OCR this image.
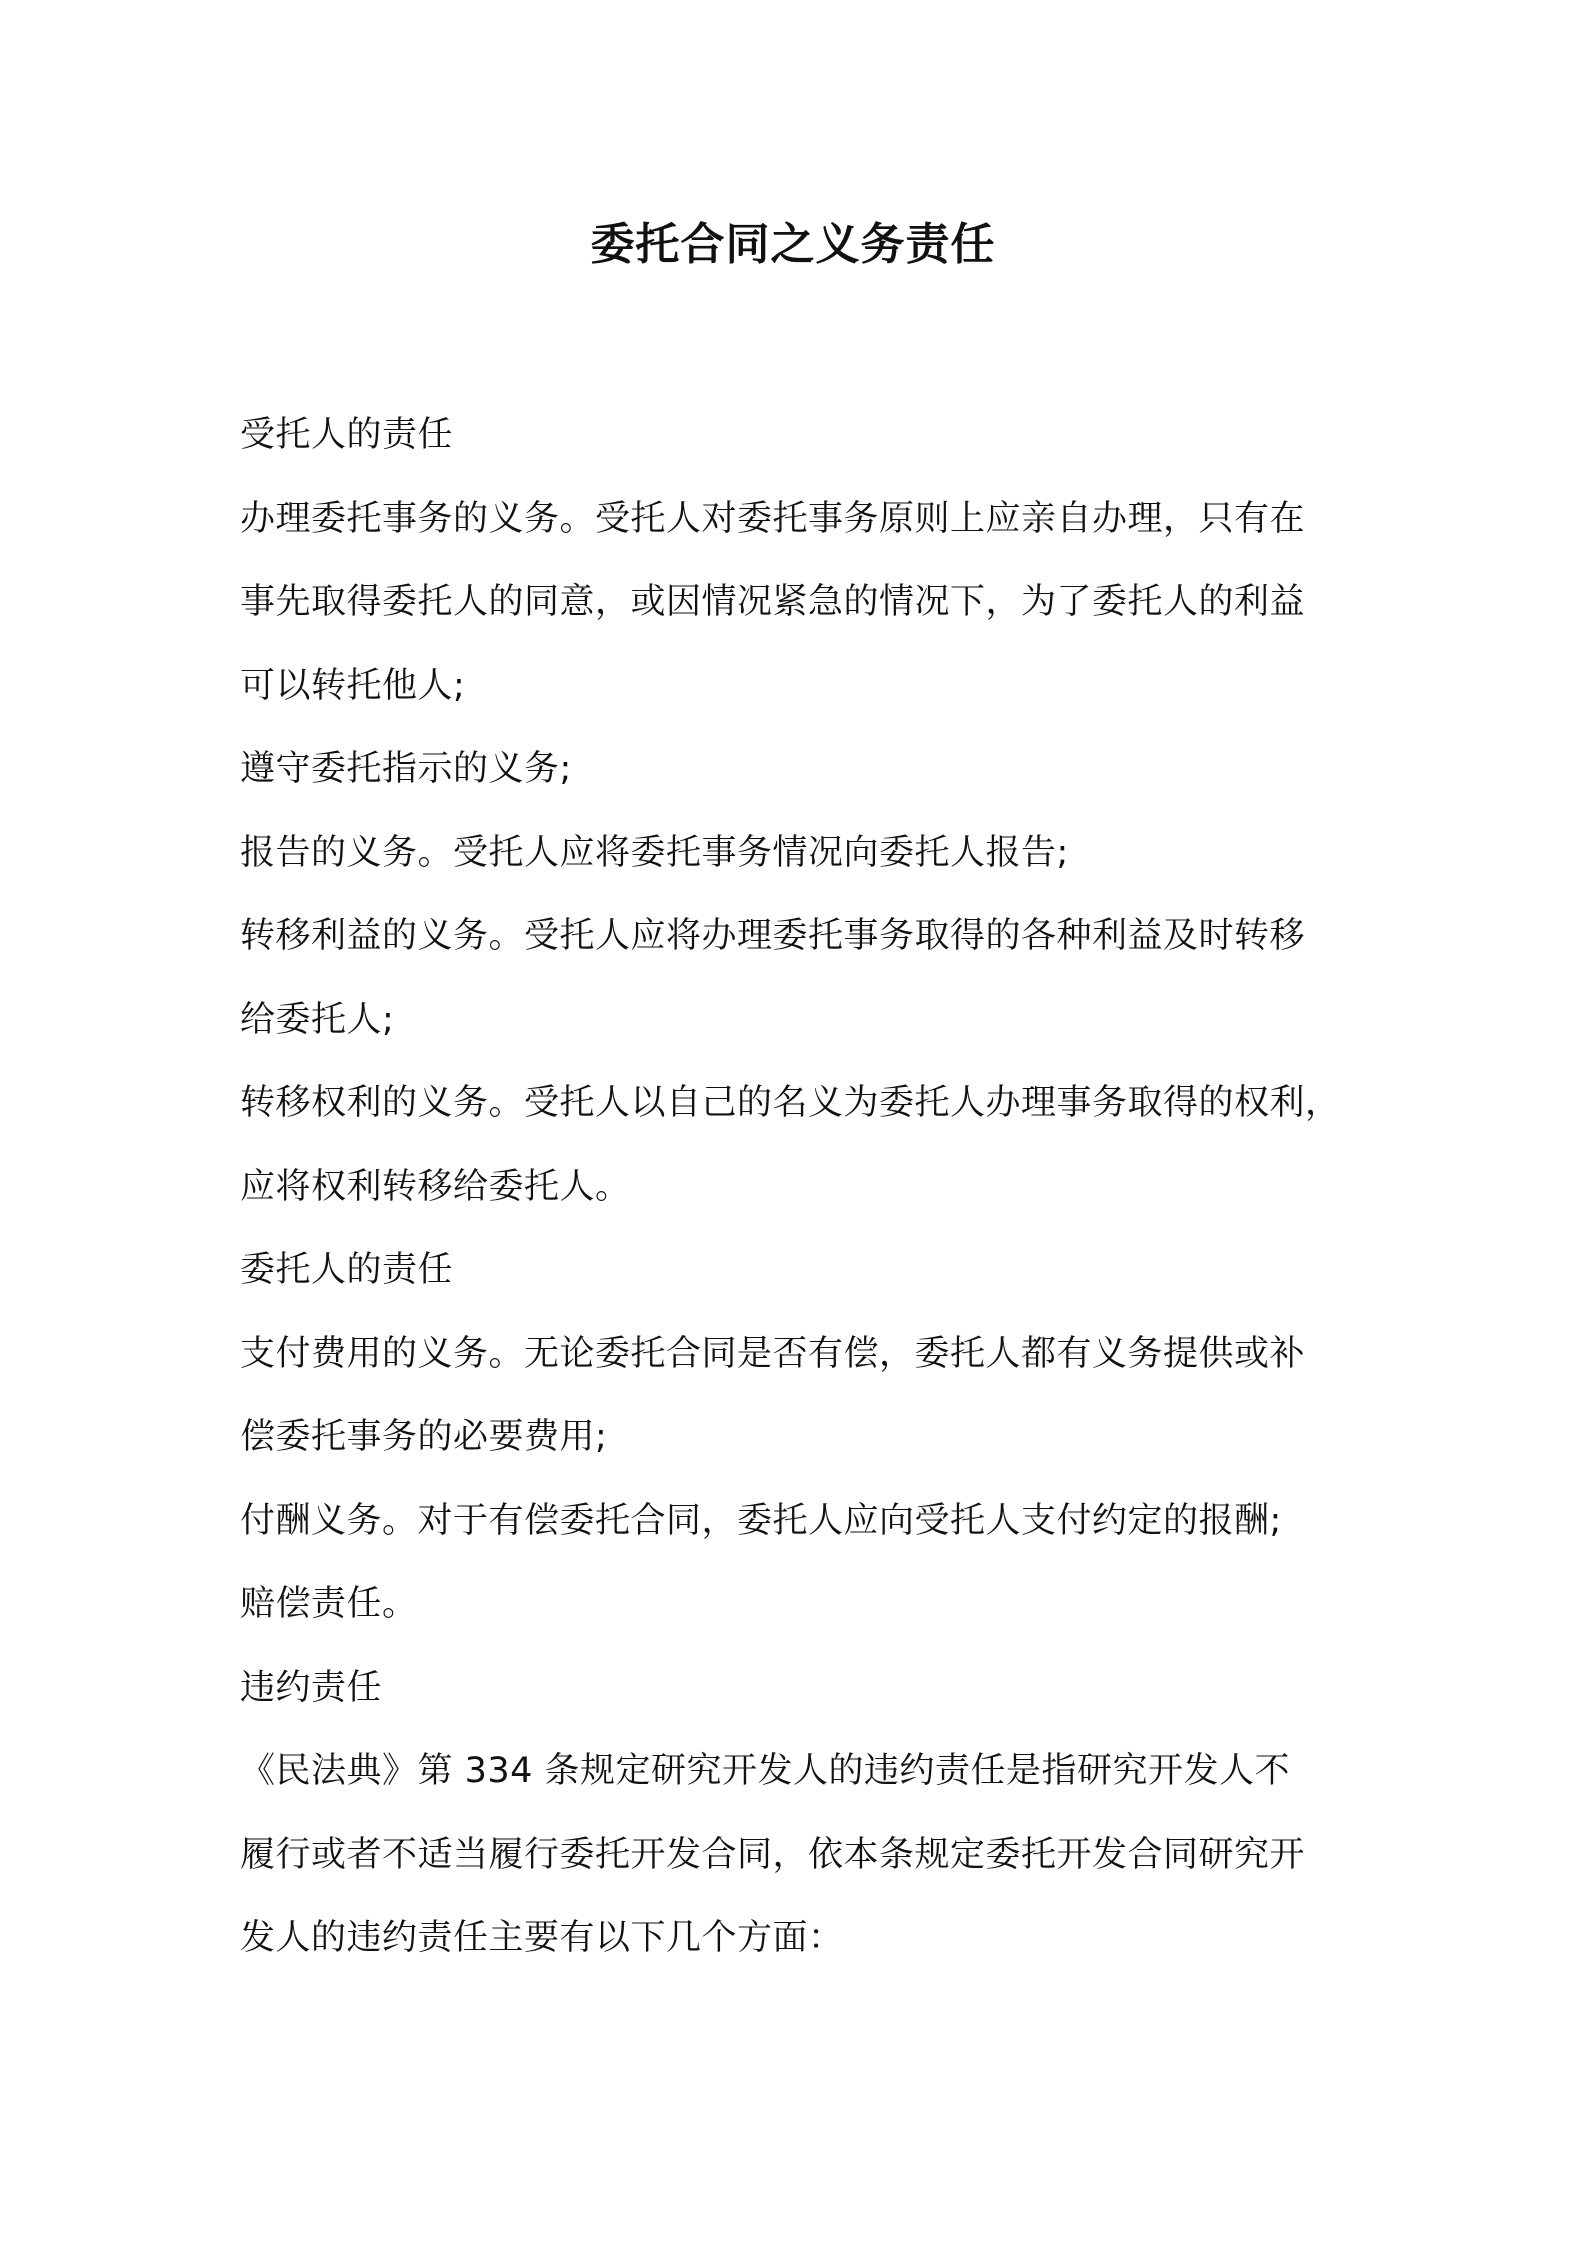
委托合同之义务责任
受托人的责任
办理委托事务的义务。受托人对委托事务原则上应亲自办理，只有在
事先取得委托人的同意，或因情况紧急的情况下，为了委托人的利益
可以转托他人;
遵守委托指示的义务;
报告的义务。受托人应将委托事务情况向委托人报告;
转移利益的义务。受托人应将办理委托事务取得的各种利益及时转移
给委托人;
转移权利的义务。受托人以自己的名义为委托人办理事务取得的权利，
应将权利转移给委托人。
委托人的责任
支付费用的义务。无论委托合同是否有偿，委托人都有义务提供或补
偿委托事务的必要费用;
付酬义务。对于有偿委托合同，委托人应向受托人支付约定的报酬;
赔偿责任。
违约责任
《民法典》第 334 条规定研究开发人的违约责任是指研究开发人不
履行或者不适当履行委托开发合同，依本条规定委托开发合同研究开
发人的违约责任主要有以下几个方面：
